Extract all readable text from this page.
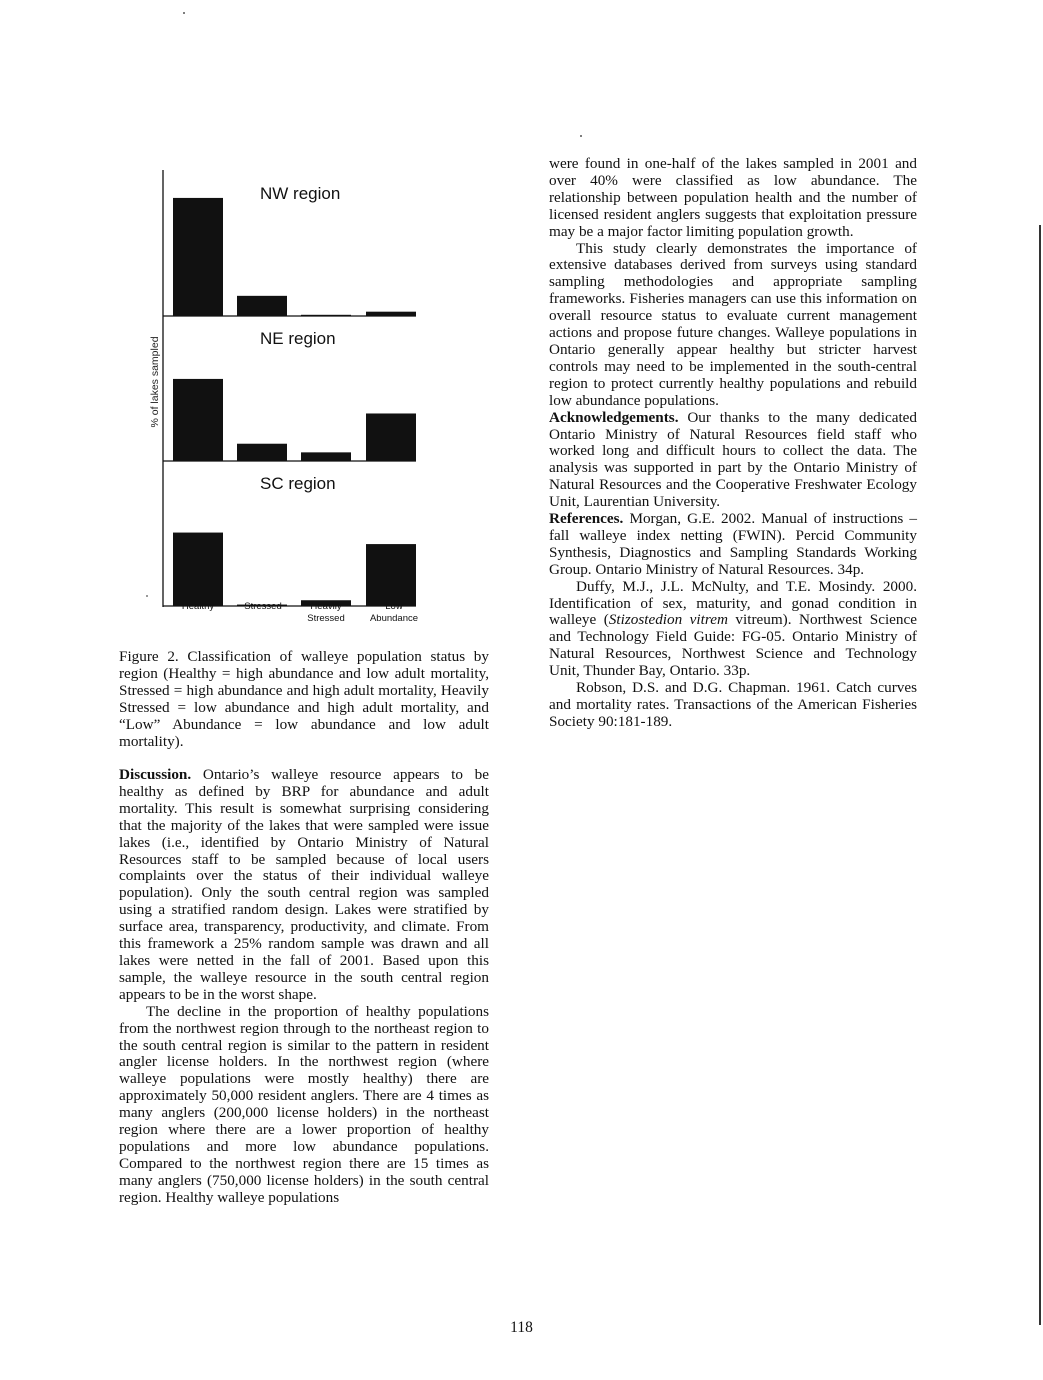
NW region
NE region
SC region
% of lakes sampled
Healthy	Stressed	Heavily
Stressed
"Low"
Abundance
Figure 2. Classification of walleye population status by region (Healthy = high abundance and low adult mortality, Stressed = high abundance and high adult mortality, Heavily Stressed = low abundance and high adult mortality, and “Low” Abundance = low abundance and low adult mortality).

Discussion. Ontario’s walleye resource appears to be healthy as defined by BRP for abundance and adult mortality. This result is somewhat surprising considering that the majority of the lakes that were sampled were issue lakes (i.e., identified by Ontario Ministry of Natural Resources staff to be sampled because of local users complaints over the status of their individual walleye population). Only the south central region was sampled using a stratified random design. Lakes were stratified by surface area, transparency, productivity, and climate. From this framework a 25% random sample was drawn and all lakes were netted in the fall of 2001. Based upon this sample, the walleye resource in the south central region appears to be in the worst shape.

The decline in the proportion of healthy populations from the northwest region through to the northeast region to the south central region is similar to the pattern in resident angler license holders. In the northwest region (where walleye populations were mostly healthy) there are approximately 50,000 resident anglers. There are 4 times as many anglers (200,000 license holders) in the northeast region where there are a lower proportion of healthy populations and more low abundance populations. Compared to the northwest region there are 15 times as many anglers (750,000 license holders) in the south central region. Healthy walleye populations

were found in one-half of the lakes sampled in 2001 and over 40% were classified as low abundance. The relationship between population health and the number of licensed resident anglers suggests that exploitation pressure may be a major factor limiting population growth.

This study clearly demonstrates the importance of extensive databases derived from surveys using standard sampling methodologies and appropriate sampling frameworks. Fisheries managers can use this information on overall resource status to evaluate current management actions and propose future changes. Walleye populations in Ontario generally appear healthy but stricter harvest controls may need to be implemented in the south-central region to protect currently healthy populations and rebuild low abundance populations.

Acknowledgements. Our thanks to the many dedicated Ontario Ministry of Natural Resources field staff who worked long and difficult hours to collect the data. The analysis was supported in part by the Ontario Ministry of Natural Resources and the Cooperative Freshwater Ecology Unit, Laurentian University.

References. Morgan, G.E. 2002. Manual of instructions – fall walleye index netting (FWIN). Percid Community Synthesis, Diagnostics and Sampling Standards Working Group. Ontario Ministry of Natural Resources. 34p.

Duffy, M.J., J.L. McNulty, and T.E. Mosindy. 2000. Identification of sex, maturity, and gonad condition in walleye (Stizostedion vitrem vitreum). Northwest Science and Technology Field Guide: FG-05. Ontario Ministry of Natural Resources, Northwest Science and Technology Unit, Thunder Bay, Ontario. 33p.

Robson, D.S. and D.G. Chapman. 1961. Catch curves and mortality rates. Transactions of the American Fisheries Society 90:181-189.

118
